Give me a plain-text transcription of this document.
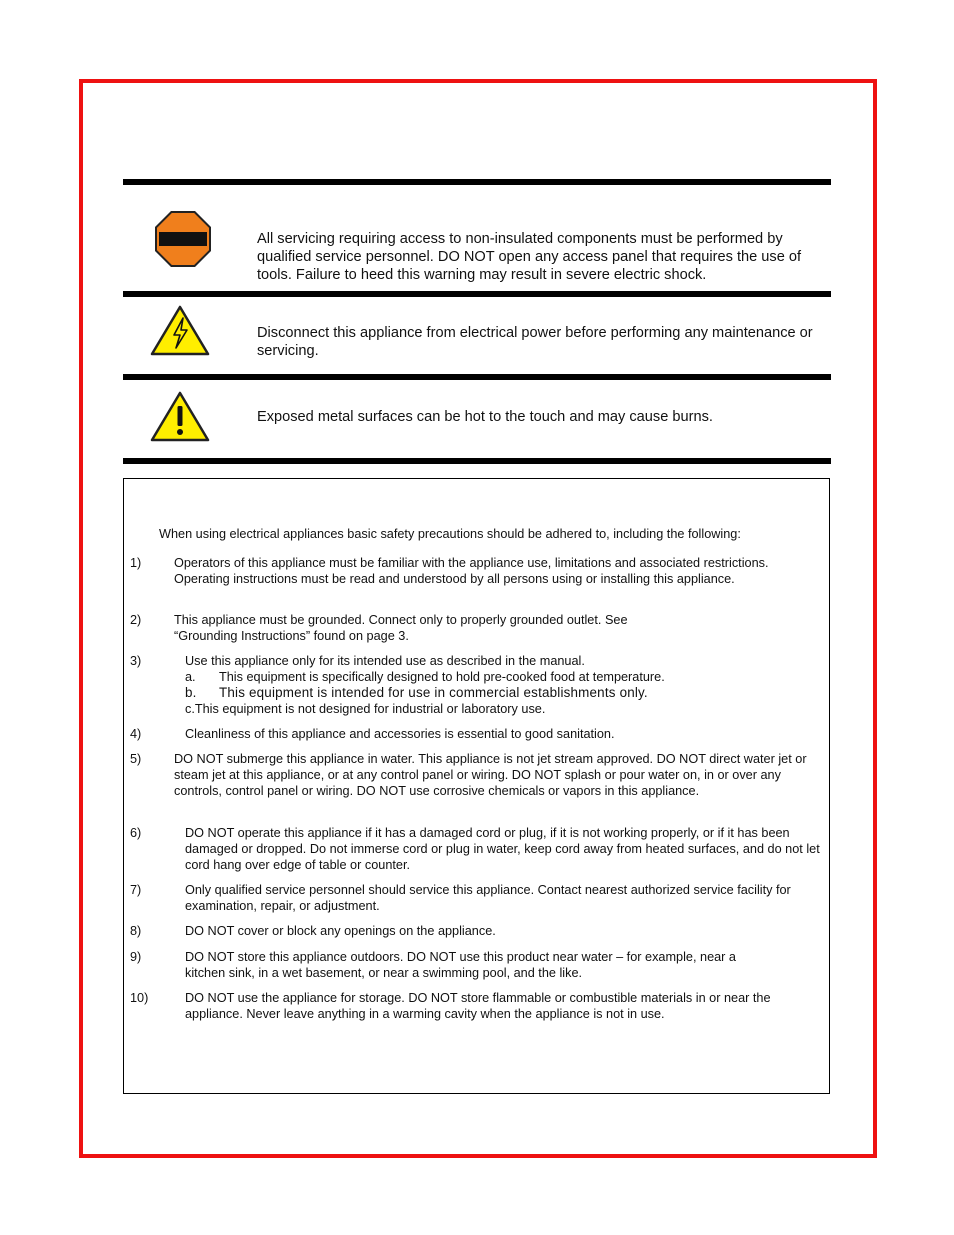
All servicing requiring access to non-insulated components must be performed by qualified service personnel. DO NOT open any access panel that requires the use of tools. Failure to heed this warning may result in severe electric shock.
Disconnect this appliance from electrical power before performing any maintenance or servicing.
Exposed metal surfaces can be hot to the touch and may cause burns.
When using electrical appliances basic safety precautions should be adhered to, including the following:
1)	Operators of this appliance must be familiar with the appliance use, limitations and associated restrictions. Operating instructions must be read and understood by all persons using or installing this appliance.
2)	This appliance must be grounded. Connect only to properly grounded outlet. See “Grounding Instructions” found on page 3.
3)	Use this appliance only for its intended use as described in the manual.
a. This equipment is specifically designed to hold pre-cooked food at temperature.
b. This equipment is intended for use in commercial establishments only.
c.This equipment is not designed for industrial or laboratory use.
4)	Cleanliness of this appliance and accessories is essential to good sanitation.
5)	DO NOT submerge this appliance in water. This appliance is not jet stream approved. DO NOT direct water jet or steam jet at this appliance, or at any control panel or wiring. DO NOT splash or pour water on, in or over any controls, control panel or wiring. DO NOT use corrosive chemicals or vapors in this appliance.
6)	DO NOT operate this appliance if it has a damaged cord or plug, if it is not working properly, or if it has been damaged or dropped. Do not immerse cord or plug in water, keep cord away from heated surfaces, and do not let cord hang over edge of table or counter.
7)	Only qualified service personnel should service this appliance. Contact nearest authorized service facility for examination, repair, or adjustment.
8)	DO NOT cover or block any openings on the appliance.
9)	DO NOT store this appliance outdoors. DO NOT use this product near water – for example, near a kitchen sink, in a wet basement, or near a swimming pool, and the like.
10)	DO NOT use the appliance for storage. DO NOT store flammable or combustible materials in or near the appliance. Never leave anything in a warming cavity when the appliance is not in use.
